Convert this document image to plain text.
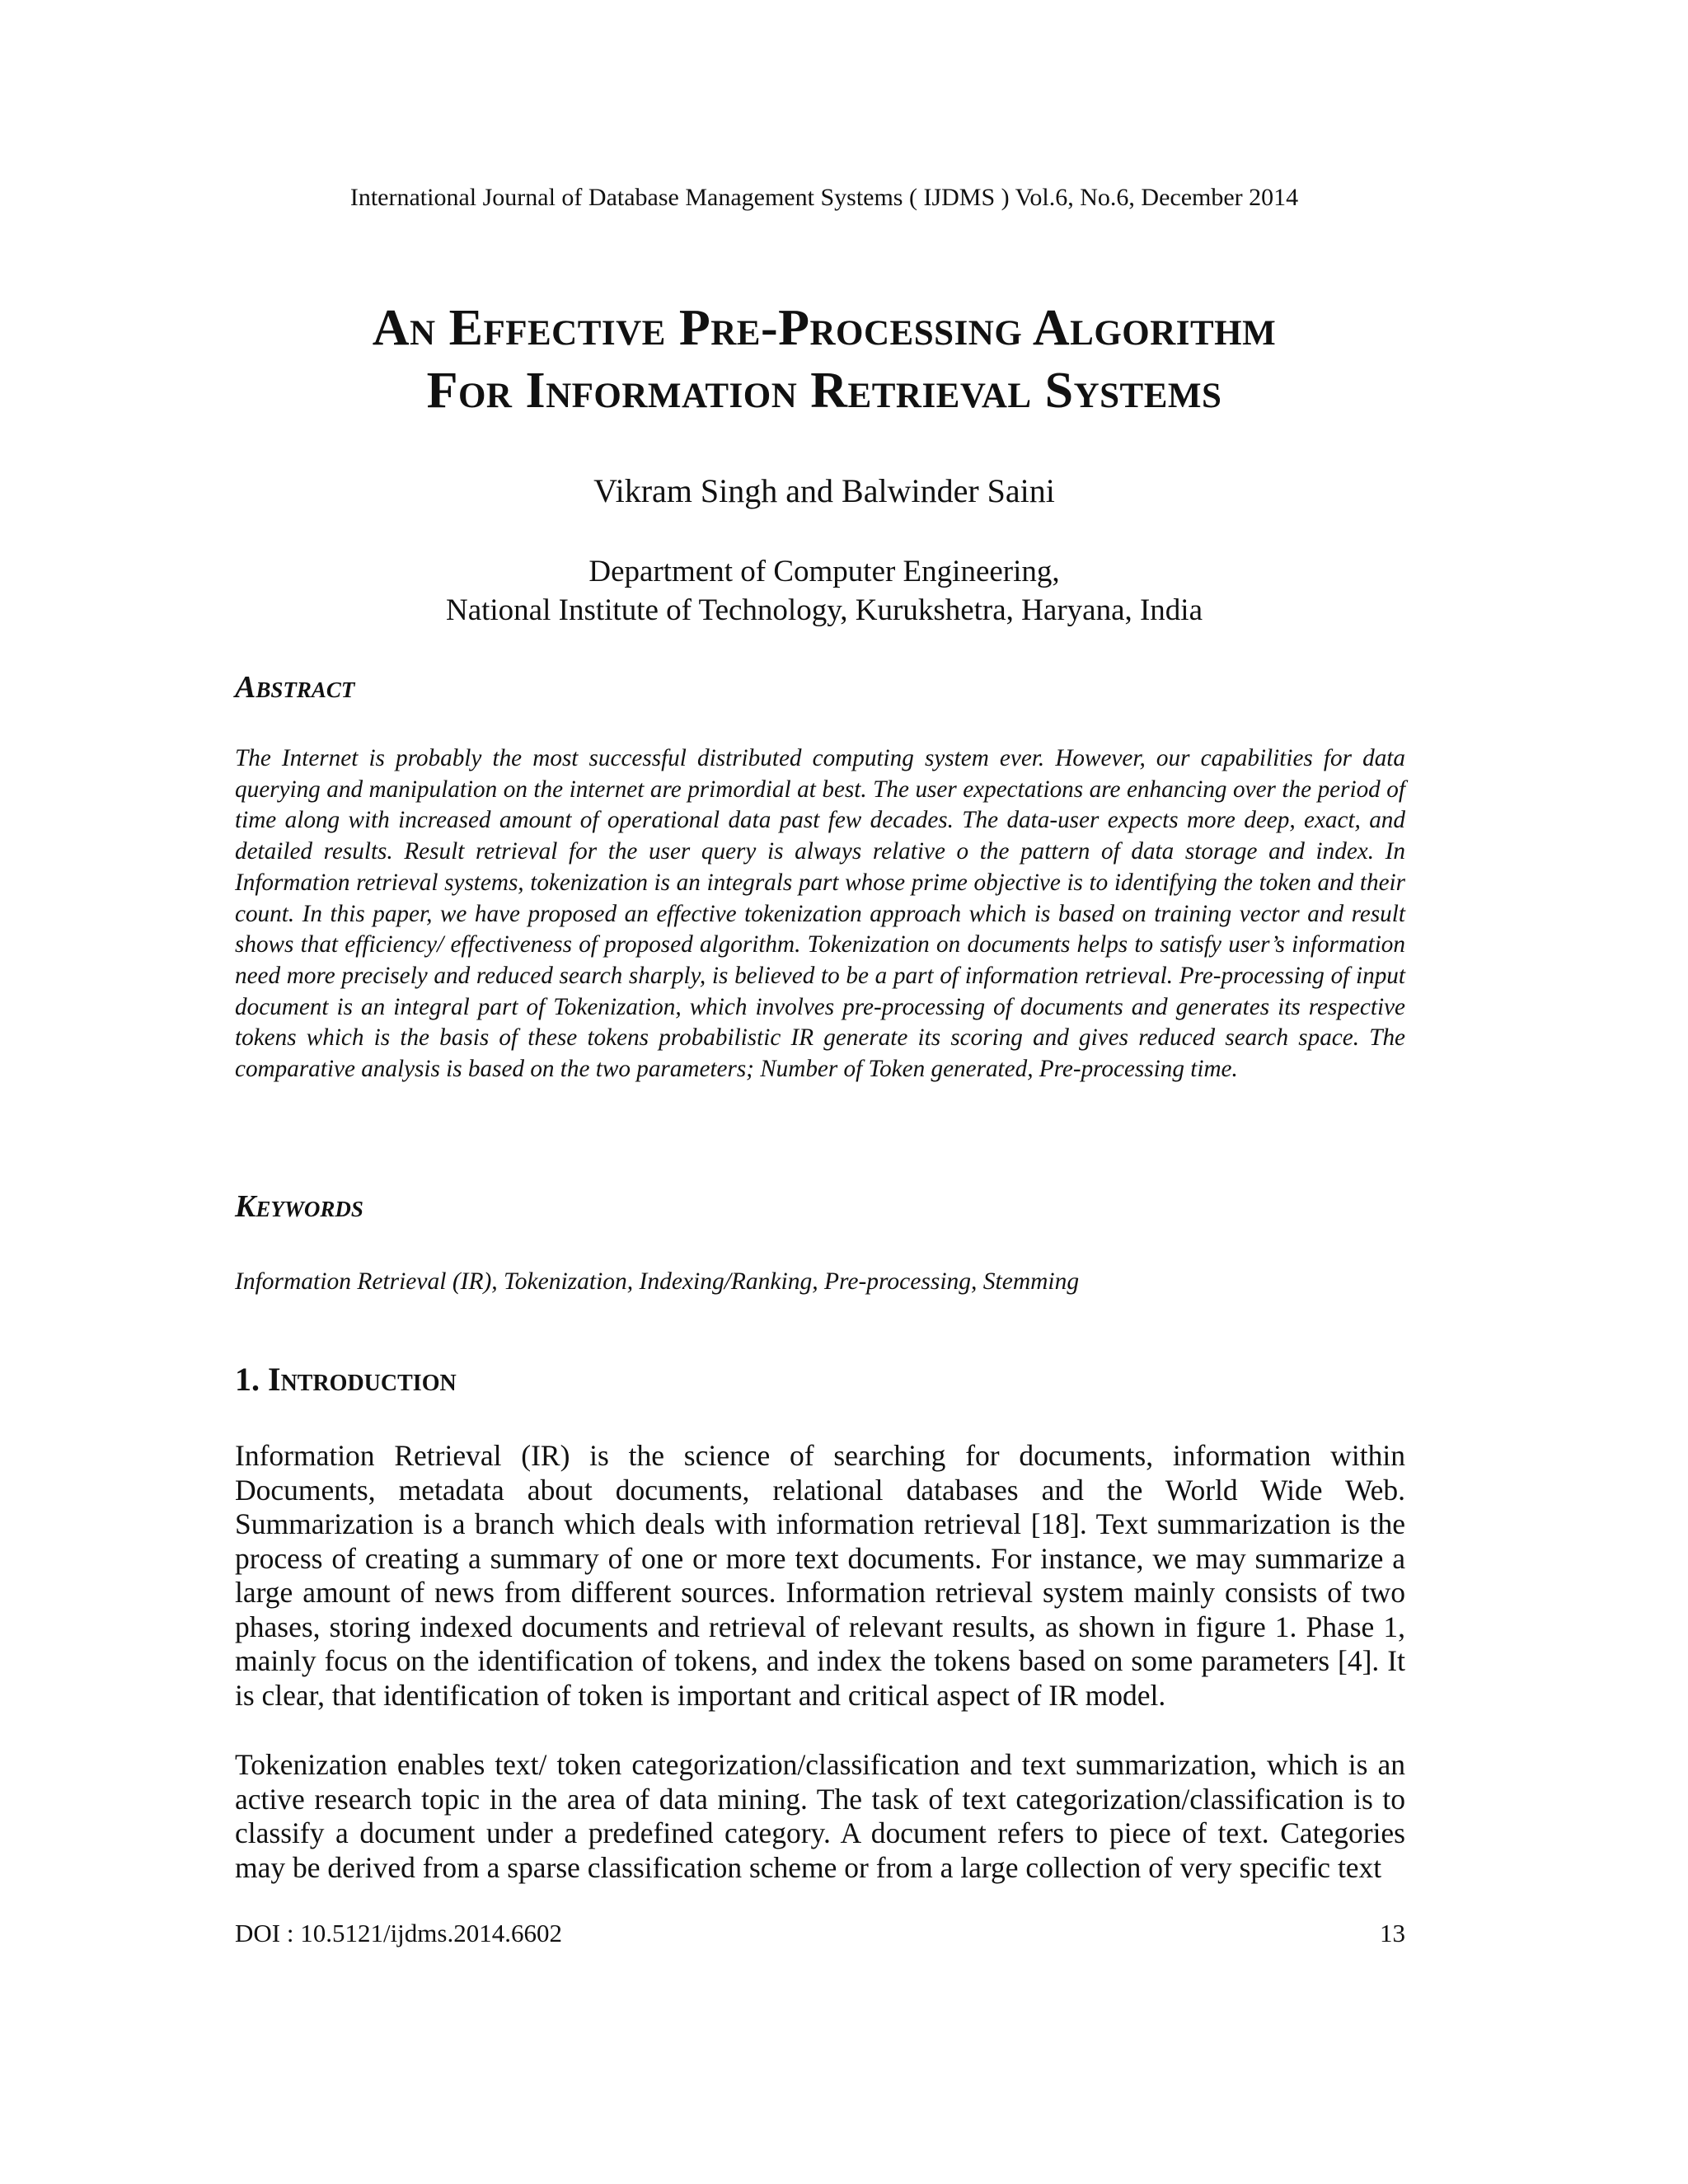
International Journal of Database Management Systems ( IJDMS ) Vol.6, No.6, December 2014
An Effective Pre-Processing Algorithm
For Information Retrieval Systems
Vikram Singh and Balwinder Saini
Department of Computer Engineering,
National Institute of Technology, Kurukshetra, Haryana, India
Abstract
The Internet is probably the most successful distributed computing system ever. However, our capabilities for data querying and manipulation on the internet are primordial at best. The user expectations are enhancing over the period of time along with increased amount of operational data past few decades. The data-user expects more deep, exact, and detailed results. Result retrieval for the user query is always relative o the pattern of data storage and index. In Information retrieval systems, tokenization is an integrals part whose prime objective is to identifying the token and their count. In this paper, we have proposed an effective tokenization approach which is based on training vector and result shows that efficiency/ effectiveness of proposed algorithm. Tokenization on documents helps to satisfy user’s information need more precisely and reduced search sharply, is believed to be a part of information retrieval. Pre-processing of input document is an integral part of Tokenization, which involves pre-processing of documents and generates its respective tokens which is the basis of these tokens probabilistic IR generate its scoring and gives reduced search space. The comparative analysis is based on the two parameters; Number of Token generated, Pre-processing time.
Keywords
Information Retrieval (IR), Tokenization, Indexing/Ranking, Pre-processing, Stemming
1. Introduction
Information Retrieval (IR) is the science of searching for documents, information within Documents, metadata about documents, relational databases and the World Wide Web. Summarization is a branch which deals with information retrieval [18]. Text summarization is the process of creating a summary of one or more text documents. For instance, we may summarize a large amount of news from different sources. Information retrieval system mainly consists of two phases, storing indexed documents and retrieval of relevant results, as shown in figure 1. Phase 1, mainly focus on the identification of tokens, and index the tokens based on some parameters [4]. It is clear, that identification of token is important and critical aspect of IR model.
Tokenization enables text/ token categorization/classification and text summarization, which is an active research topic in the area of data mining. The task of text categorization/classification is to classify a document under a predefined category. A document refers to piece of text. Categories may be derived from a sparse classification scheme or from a large collection of very specific text
DOI : 10.5121/ijdms.2014.6602	13
